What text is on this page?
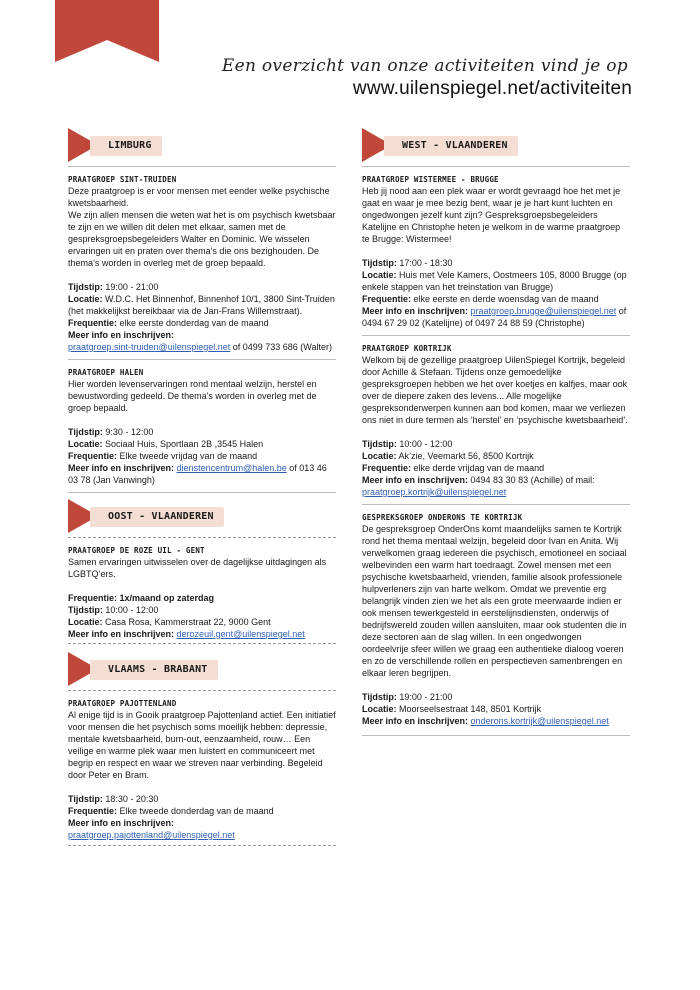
Een overzicht van onze activiteiten vind je op
www.uilenspiegel.net/activiteiten
LIMBURG
PRAATGROEP SINT-TRUIDEN

Deze praatgroep is er voor mensen met eender welke psychische kwetsbaarheid.

We zijn allen mensen die weten wat het is om psychisch kwetsbaar te zijn en we willen dit delen met elkaar, samen met de gespreksgroepsbegeleiders Walter en Dominic. We wisselen ervaringen uit en praten over thema’s die ons bezighouden. De thema’s worden in overleg met de groep bepaald.

Tijdstip: 19:00 - 21:00

Locatie: W.D.C. Het Binnenhof, Binnenhof 10/1, 3800 Sint-Truiden (het makkelijkst bereikbaar via de Jan-Frans Willemstraat).

Frequentie: elke eerste donderdag van de maand

Meer info en inschrijven:

praatgroep.sint-truiden@uilenspiegel.net of 0499 733 686 (Walter)

PRAATGROEP HALEN

Hier worden levenservaringen rond mentaal welzijn, herstel en bewustwording gedeeld. De thema’s worden in overleg met de groep bepaald.

Tijdstip: 9:30 - 12:00

Locatie: Sociaal Huis, Sportlaan 2B ,3545 Halen

Frequentie: Elke tweede vrijdag van de maand

Meer info en inschrijven: dienstencentrum@halen.be of 013 46 03 78 (Jan Vanwingh)

OOST - VLAANDEREN
PRAATGROEP DE ROZE UIL - GENT

Samen ervaringen uitwisselen over de dagelijkse uitdagingen als LGBTQ’ers.

Frequentie: 1x/maand op zaterdag

Tijdstip: 10:00 - 12:00

Locatie: Casa Rosa, Kammerstraat 22, 9000 Gent

Meer info en inschrijven: derozeuil.gent@uilenspiegel.net

VLAAMS - BRABANT
PRAATGROEP PAJOTTENLAND

Al enige tijd is in Gooik praatgroep Pajottenland actief. Een initiatief voor mensen die het psychisch soms moeilijk hebben: depressie, mentale kwetsbaarheid, burn-out, eenzaamheid, rouw… Een veilige en warme plek waar men luistert en communiceert met begrip en respect en waar we streven naar verbinding. Begeleid door Peter en Bram.

Tijdstip: 18:30 - 20:30

Frequentie: Elke tweede donderdag van de maand

Meer info en inschrijven:

praatgroep.pajottenland@uilenspiegel.net

WEST - VLAANDEREN
PRAATGROEP WISTERMEE - BRUGGE

Heb jij nood aan een plek waar er wordt gevraagd hoe het met je gaat en waar je mee bezig bent, waar je je hart kunt luchten en ongedwongen jezelf kunt zijn? Gespreksgroepsbegeleiders Katelijne en Christophe heten je welkom in de warme praatgroep te Brugge: Wistermee!

Tijdstip: 17:00 - 18:30

Locatie: Huis met Vele Kamers, Oostmeers 105, 8000 Brugge (op enkele stappen van het treinstation van Brugge)

Frequentie: elke eerste en derde woensdag van de maand

Meer info en inschrijven: praatgroep.brugge@uilenspiegel.net of 0494 67 29 02 (Katelijne) of 0497 24 88 59 (Christophe)

PRAATGROEP KORTRIJK

Welkom bij de gezellige praatgroep UilenSpiegel Kortrijk, begeleid door Achille & Stefaan. Tijdens onze gemoedelijke gespreksgroepen hebben we het over koetjes en kalfjes, maar ook over de diepere zaken des levens... Alle mogelijke gespreksonderwerpen kunnen aan bod komen, maar we verliezen ons niet in dure termen als ‘herstel’ en ‘psychische kwetsbaarheid’.

Tijdstip: 10:00 - 12:00

Locatie: Ak’zie, Veemarkt 56, 8500 Kortrijk

Frequentie: elke derde vrijdag van de maand

Meer info en inschrijven: 0494 83 30 83 (Achille) of mail:

praatgroep.kortrijk@uilenspiegel.net

GESPREKSGROEP ONDERONS TE KORTRIJK

De gespreksgroep OnderOns komt maandelijks samen te Kortrijk rond het thema mentaal welzijn, begeleid door Ivan en Anita. Wij verwelkomen graag iedereen die psychisch, emotioneel en sociaal welbevinden een warm hart toedraagt. Zowel mensen met een psychische kwetsbaarheid, vrienden, familie alsook professionele hulpverleners zijn van harte welkom. Omdat we preventie erg belangrijk vinden zien we het als een grote meerwaarde indien er ook mensen tewerkgesteld in eerstelijnsdiensten, onderwijs of bedrijfswereld zouden willen aansluiten, maar ook studenten die in deze sectoren aan de slag willen. In een ongedwongen oordeelvrije sfeer willen we graag een authentieke dialoog voeren en zo de verschillende rollen en perspectieven samenbrengen en elkaar leren begrijpen.

Tijdstip: 19:00 - 21:00

Locatie: Moorseelsestraat 148, 8501 Kortrijk

Meer info en inschrijven: onderons.kortrijk@uilenspiegel.net
